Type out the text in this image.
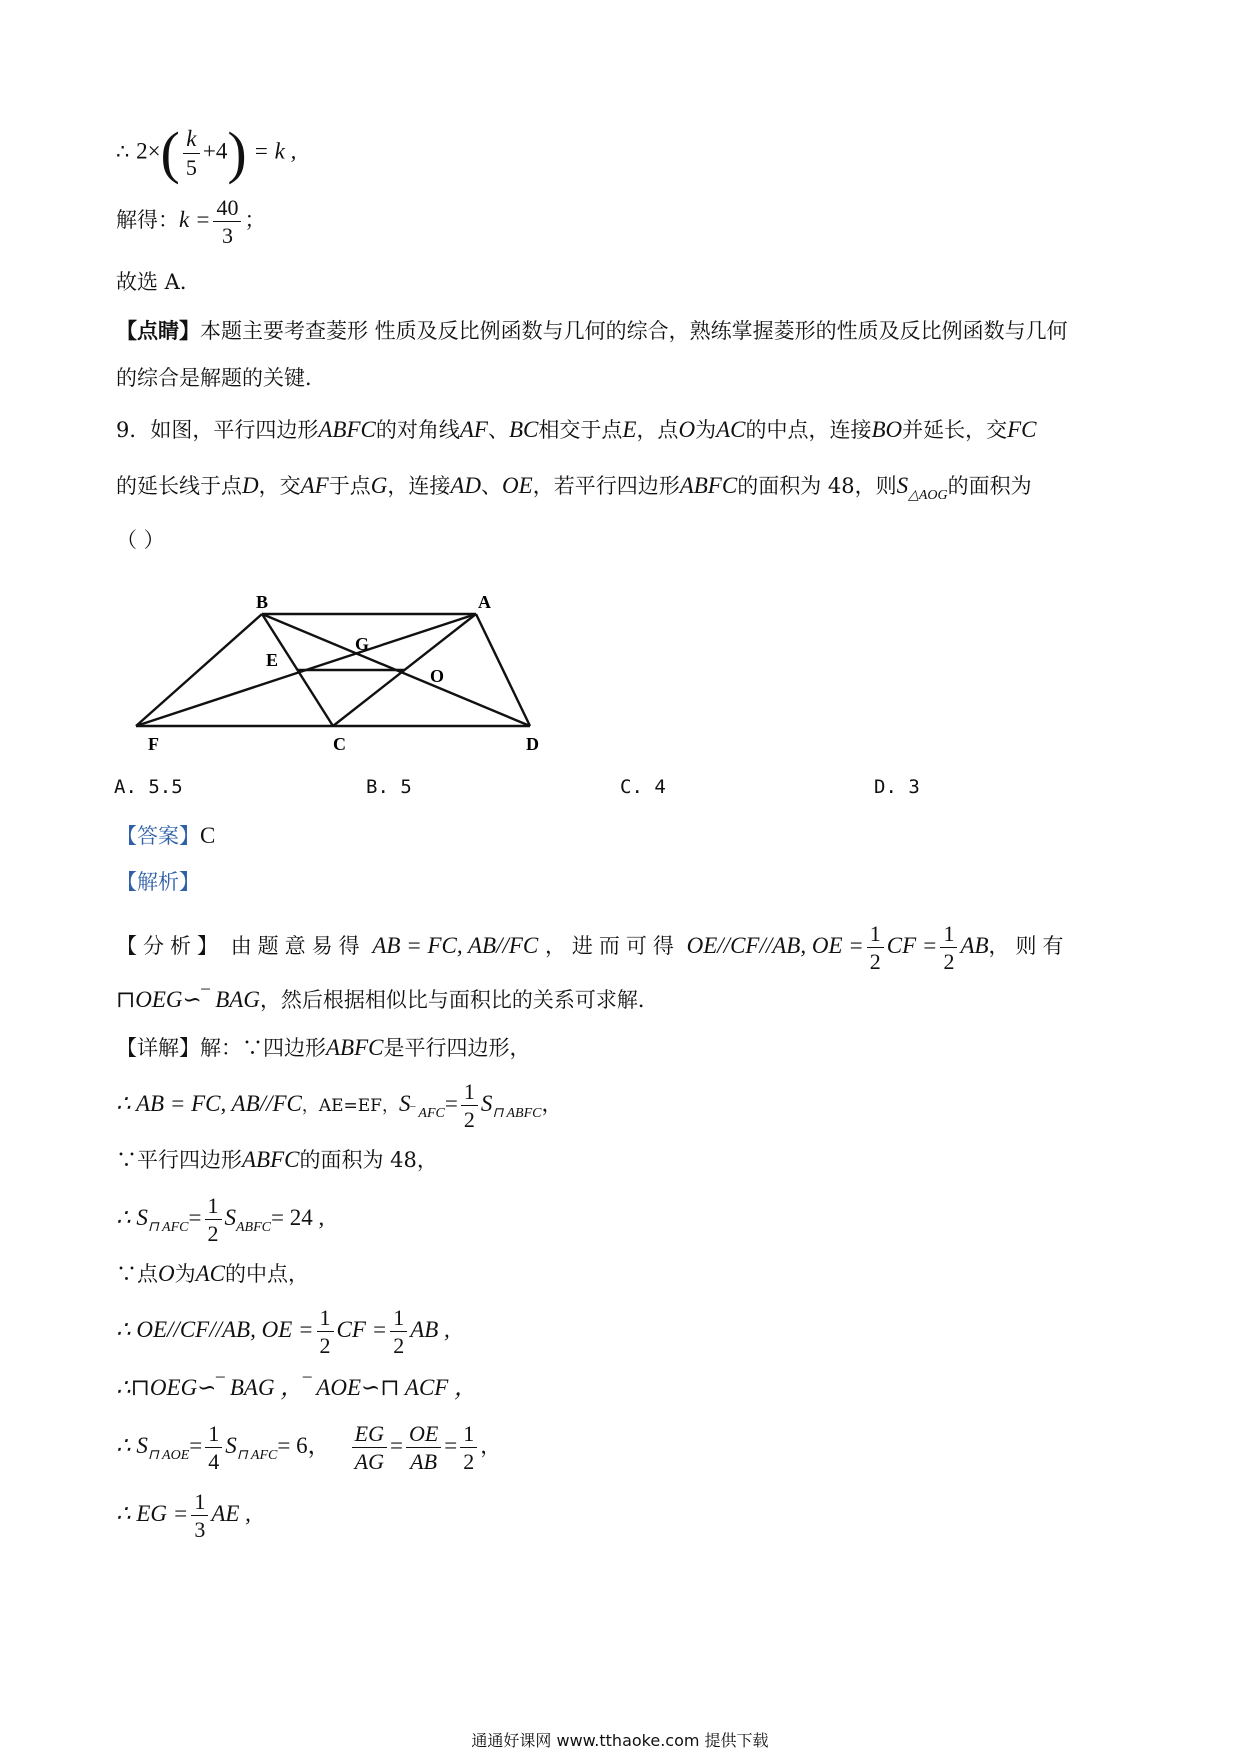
∴ $2\times( \frac{k}{5} +4) = k$ ,
解得：$k = \frac{40}{3}$ ；
故选 A．
【点睛】本题主要考查菱形 性质及反比例函数与几何的综合，熟练掌握菱形的性质及反比例函数与几何
的综合是解题的关键．
9．如图，平行四边形ABFC的对角线AF、BC相交于点E，点O为AC的中点，连接BO并延长，交FC
的延长线于点D，交AF于点G，连接AD、OE，若平行四边形ABFC的面积为 48，则$S_{\triangle AOG}$的面积为
（ ）
B	A
G
E
O
F	C	D
A. 5.5	B. 5	C. 4	D. 3
【答案】C
【解析】
【分析】 由题意易得 AB = FC, AB//FC ，进而可得 OE//CF//AB, OE = $\frac{1}{2}$ CF = $\frac{1}{2}$ AB，则有
⊓OEG∽‾ BAG，然后根据相似比与面积比的关系可求解．
【详解】解：∵四边形ABFC是平行四边形，
∴ AB = FC, AB//FC，AE=EF，$S_{‾ AFC}= \frac{1}{2} S_{⊓ ABFC}$，
∵平行四边形ABFC的面积为 48，
∴ $S_{⊓ AFC}= \frac{1}{2} S_{ABFC}= 24$ ,
∵点O为AC的中点，
∴ OE//CF//AB, OE = $\frac{1}{2}$ CF = $\frac{1}{2}$ AB ,
∴⊓OEG∽‾ BAG ，‾ AOE∽⊓ ACF ，
∴ $S_{⊓ AOE}= \frac{1}{4} S_{⊓ AFC}= 6$， $\frac{EG}{AG} = \frac{OE}{AB} = \frac{1}{2}$ ，
∴ EG = $\frac{1}{3}$ AE ,
通通好课网 www.tthaoke.com 提供下载
